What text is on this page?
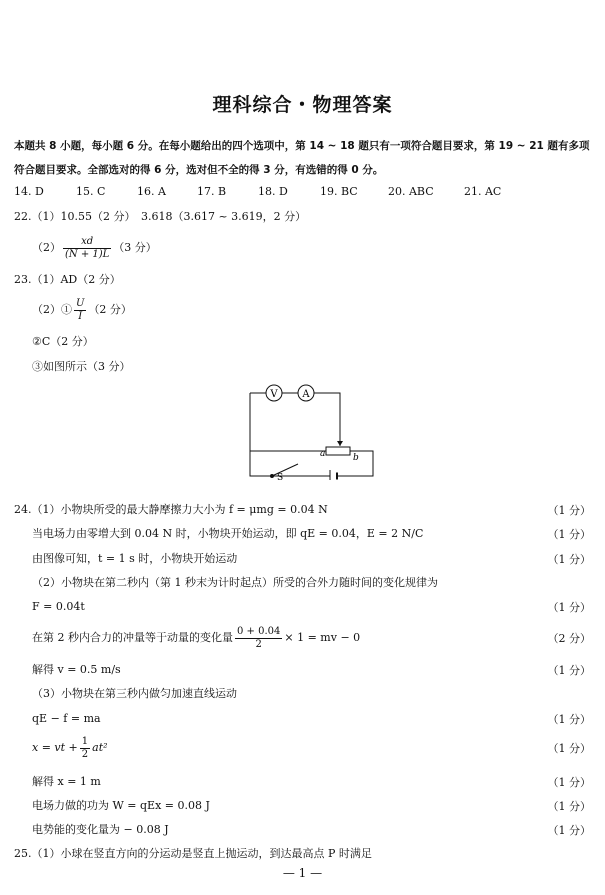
理科综合・物理答案
本题共 8 小题，每小题 6 分。在每小题给出的四个选项中，第 14 ~ 18 题只有一项符合题目要求，第 19 ~ 21 题有多项符合题目要求。全部选对的得 6 分，选对但不全的得 3 分，有选错的得 0 分。
14. D	15. C	16. A	17. B	18. D	19. BC	20. ABC	21. AC
22.（1）10.55（2 分）　3.618（3.617 ~ 3.619，2 分）
$(2) \frac{xd}{(N + 1)L} (3$ 分）
23.（1）AD（2 分）
（2）① $\frac{U}{I} (2$ 分）
②C（2 分）
③如图所示（3 分）
V A
a	b
S
24.（1）小物块所受的最大静摩擦力大小为 f = μmg = 0.04 N	（1 分）
当电场力由零增大到 0.04 N 时，小物块开始运动，即 qE = 0.04，E = 2 N/C	（1 分）
由图像可知，t = 1 s 时，小物块开始运动	（1 分）
（2）小物块在第二秒内（第 1 秒末为计时起点）所受的合外力随时间的变化规律为
F = 0.04t	（1 分）
在第 2 秒内合力的冲量等于动量的变化量 $\frac{0 + 0.04}{2} \times 1$ = mv − 0	（2 分）
解得 v = 0.5 m/s	（1 分）
（3）小物块在第三秒内做匀加速直线运动
qE − f = ma	（1 分）
x = vt + $\frac{1}{2} at^2$	（1 分）
解得 x = 1 m	（1 分）
电场力做的功为 W = qEx = 0.08 J	（1 分）
电势能的变化量为 − 0.08 J	（1 分）
25.（1）小球在竖直方向的分运动是竖直上抛运动，到达最高点 P 时满足
— 1 —
